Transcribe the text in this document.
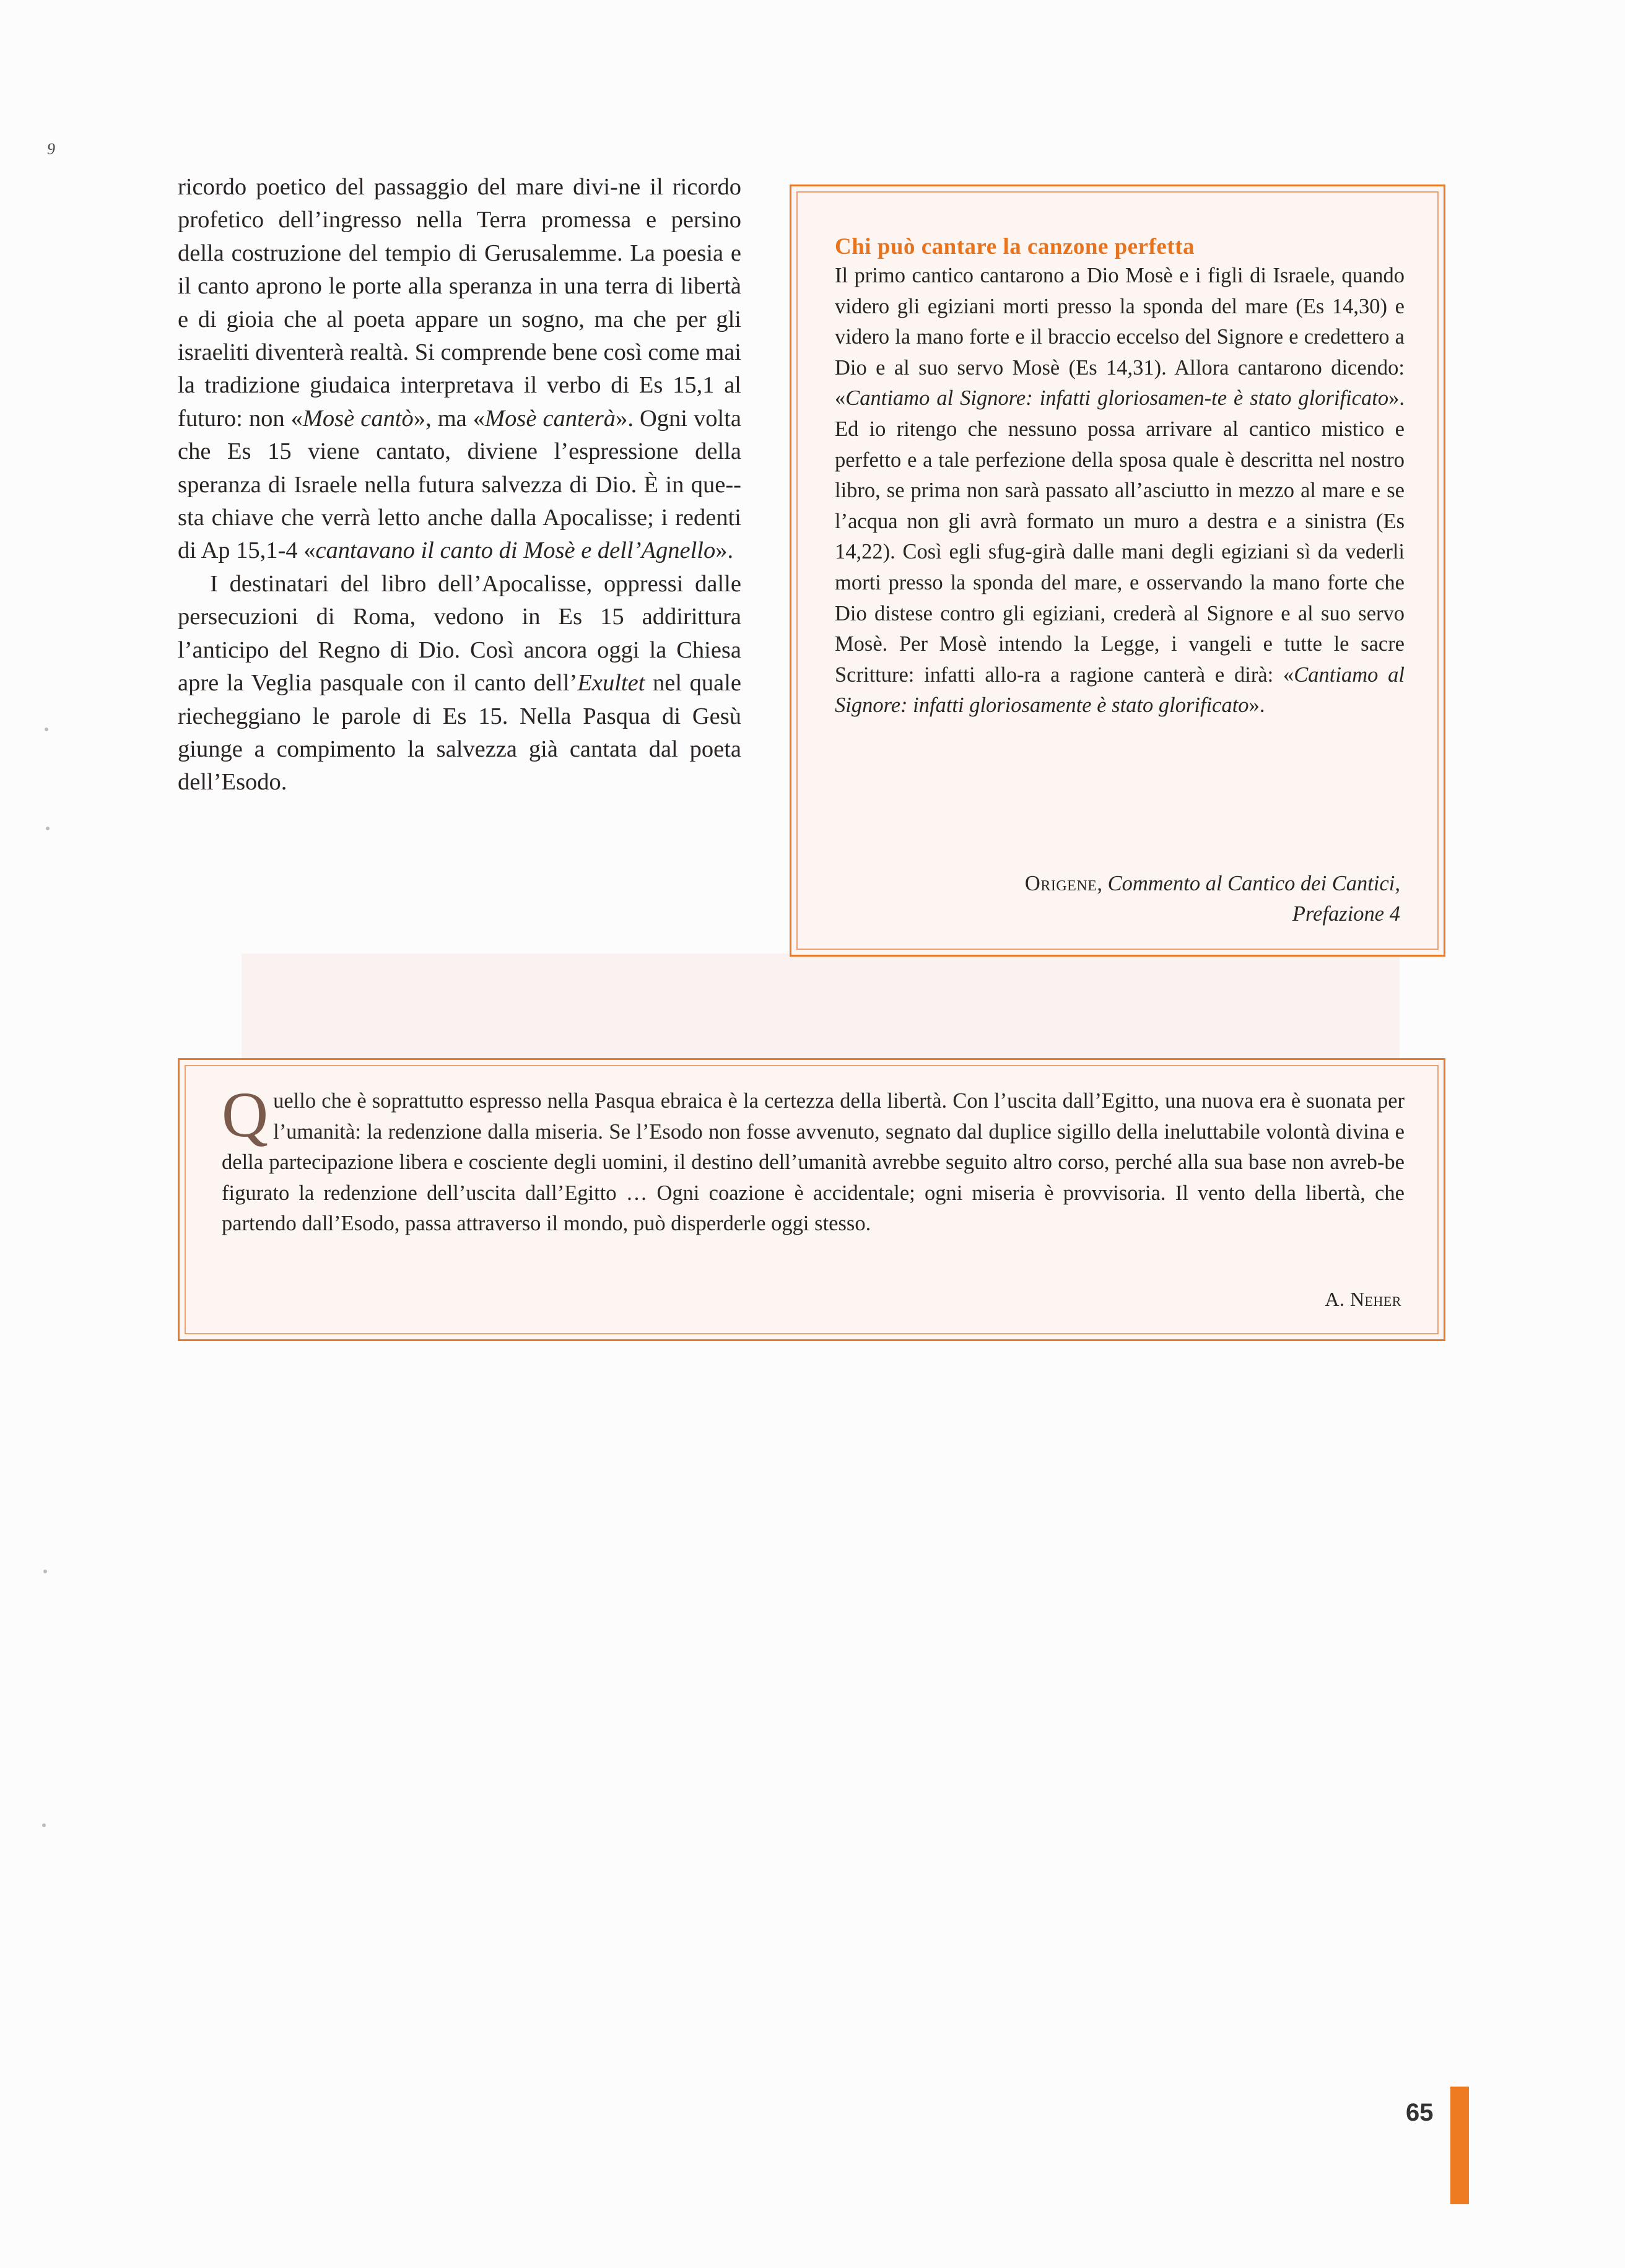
9

ricordo poetico del passaggio del mare divi-ne il ricordo profetico dell’ingresso nella Terra promessa e persino della costruzione del tempio di Gerusalemme. La poesia e il canto aprono le porte alla speranza in una terra di libertà e di gioia che al poeta appare un sogno, ma che per gli israeliti diventerà realtà. Si comprende bene così come mai la tradizione giudaica interpretava il verbo di Es 15,1 al futuro: non «Mosè cantò», ma «Mosè canterà». Ogni volta che Es 15 viene cantato, diviene l’espressione della speranza di Israele nella futura salvezza di Dio. È in que-sta chiave che verrà letto anche dalla Apocalisse; i redenti di Ap 15,1-4 «cantavano il canto di Mosè e dell’Agnello».

I destinatari del libro dell’Apocalisse, oppressi dalle persecuzioni di Roma, vedono in Es 15 addirittura l’anticipo del Regno di Dio. Così ancora oggi la Chiesa apre la Veglia pasquale con il canto dell’Exultet nel quale riecheggiano le parole di Es 15. Nella Pasqua di Gesù giunge a compimento la salvezza già cantata dal poeta dell’Esodo.

Chi può cantare la canzone perfetta

Il primo cantico cantarono a Dio Mosè e i figli di Israele, quando videro gli egiziani morti presso la sponda del mare (Es 14,30) e videro la mano forte e il braccio eccelso del Signore e credettero a Dio e al suo servo Mosè (Es 14,31). Allora cantarono dicendo: «Cantiamo al Signore: infatti gloriosamen-te è stato glorificato». Ed io ritengo che nessuno possa arrivare al cantico mistico e perfetto e a tale perfezione della sposa quale è descritta nel nostro libro, se prima non sarà passato all’asciutto in mezzo al mare e se l’acqua non gli avrà formato un muro a destra e a sinistra (Es 14,22). Così egli sfug-girà dalle mani degli egiziani sì da vederli morti presso la sponda del mare, e osservando la mano forte che Dio distese contro gli egiziani, crederà al Signore e al suo servo Mosè. Per Mosè intendo la Legge, i vangeli e tutte le sacre Scritture: infatti allo-ra a ragione canterà e dirà: «Cantiamo al Signore: infatti gloriosamente è stato glorificato».

Origene, Commento al Cantico dei Cantici,
Prefazione 4
Quello che è soprattutto espresso nella Pasqua ebraica è la certezza della libertà. Con l’uscita dall’Egitto, una nuova era è suonata per l’umanità: la redenzione dalla miseria. Se l’Esodo non fosse avvenuto, segnato dal duplice sigillo della ineluttabile volontà divina e della partecipazione libera e cosciente degli uomini, il destino dell’umanità avrebbe seguito altro corso, perché alla sua base non avreb-be figurato la redenzione dell’uscita dall’Egitto … Ogni coazione è accidentale; ogni miseria è provvisoria. Il vento della libertà, che partendo dall’Esodo, passa attraverso il mondo, può disperderle oggi stesso.
A. Neher
65
